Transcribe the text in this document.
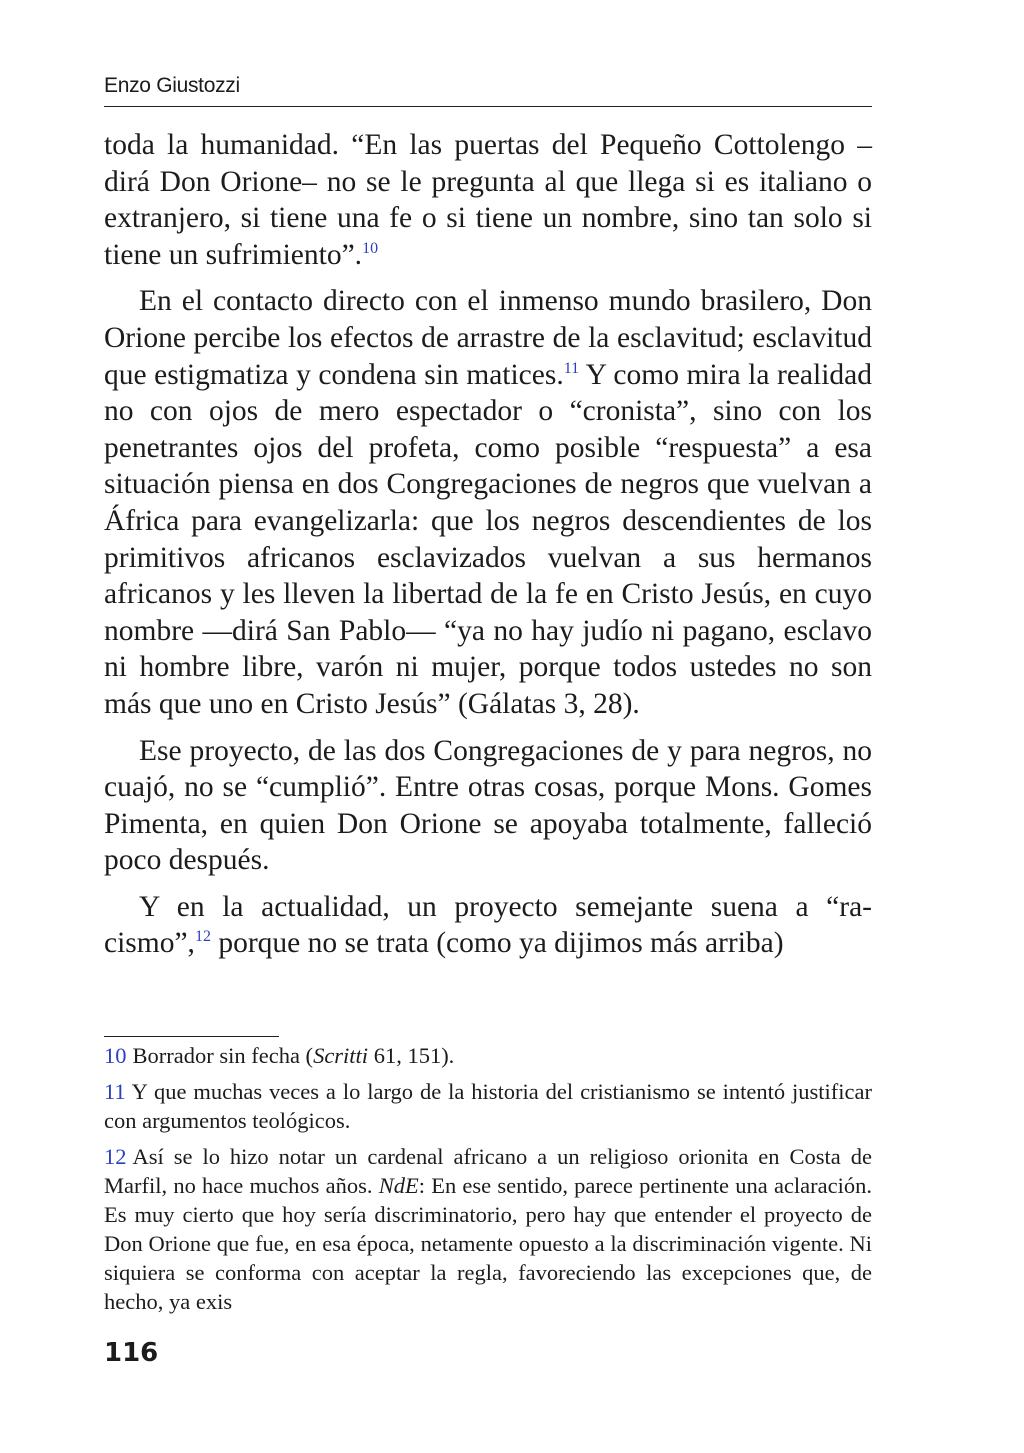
Enzo Giustozzi

toda la humanidad. “En las puertas del Pequeño Cottolengo –dirá Don Orione– no se le pregunta al que llega si es italiano o extranjero, si tiene una fe o si tiene un nombre, sino tan solo si tiene un sufrimiento”.$^{10}$

En el contacto directo con el inmenso mundo brasilero, Don Orione percibe los efectos de arrastre de la esclavitud; esclavitud que estigmatiza y condena sin matices.$^{11}$ Y como mira la realidad no con ojos de mero espectador o “cronista”, sino con los penetrantes ojos del profeta, como posible “respuesta” a esa situación piensa en dos Congregaciones de negros que vuelvan a África para evangelizarla: que los negros descendientes de los primitivos africanos esclavizados vuelvan a sus hermanos africanos y les lleven la libertad de la fe en Cristo Jesús, en cuyo nombre —dirá San Pablo— “ya no hay judío ni pagano, esclavo ni hombre libre, varón ni mujer, porque todos ustedes no son más que uno en Cristo Jesús” (Gálatas 3, 28).

Ese proyecto, de las dos Congregaciones de y para negros, no cuajó, no se “cumplió”. Entre otras cosas, porque Mons. Gomes Pimenta, en quien Don Orione se apoyaba totalmente, falleció poco después.

Y en la actualidad, un proyecto semejante suena a “racismo”,$^{12}$ porque no se trata (como ya dijimos más arriba)

10 Borrador sin fecha (Scritti 61, 151).

11 Y que muchas veces a lo largo de la historia del cristianismo se intentó justificar con argumentos teológicos.

12 Así se lo hizo notar un cardenal africano a un religioso orionita en Costa de Marfil, no hace muchos años. NdE: En ese sentido, parece pertinente una aclaración. Es muy cierto que hoy sería discriminatorio, pero hay que entender el proyecto de Don Orione que fue, en esa época, netamente opuesto a la discriminación vigente. Ni siquiera se conforma con aceptar la regla, favoreciendo las excepciones que, de hecho, ya exis

116
